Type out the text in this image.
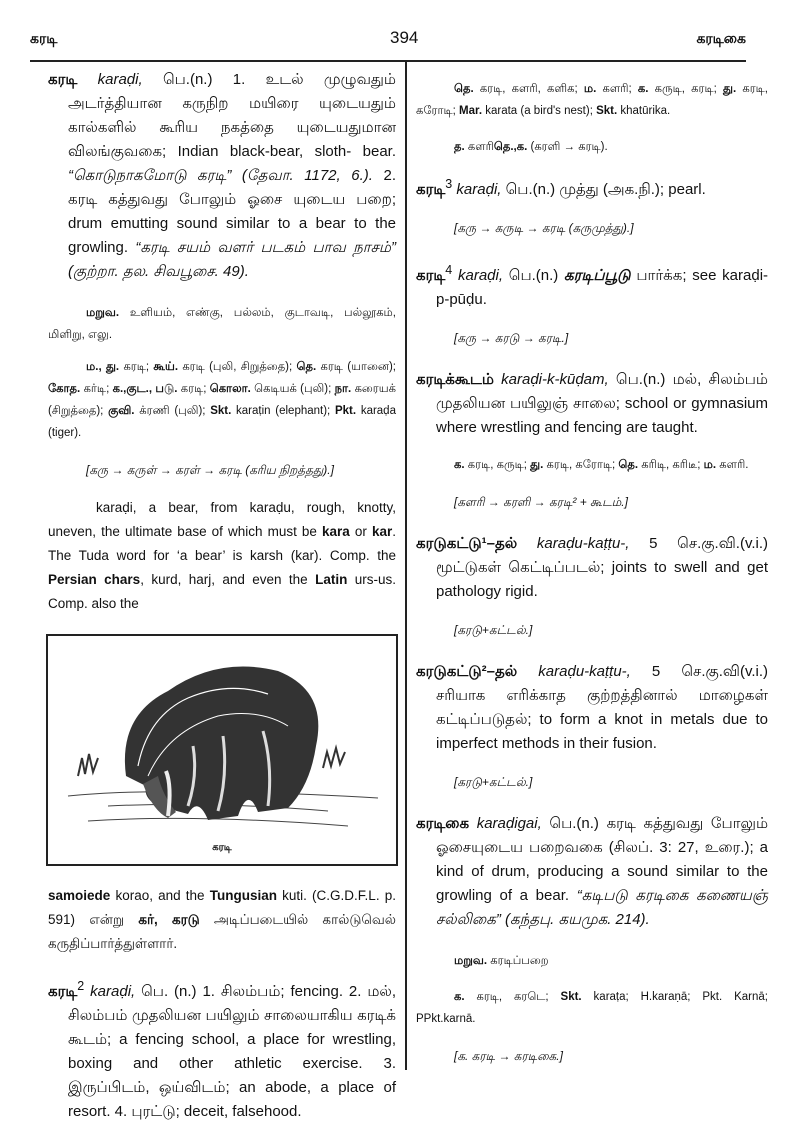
கரடி	394	கரடிகை

கரடி karaḍi, பெ.(n.) 1. உடல் முழுவதும் அடர்த்தியான கருநிற மயிரை யுடையதும் கால்களில் கூரிய நகத்தை யுடையதுமான விலங்குவகை; Indian black-bear, sloth- bear. “கொடுநாகமோடு கரடி” (தேவா. 1172, 6.). 2. கரடி கத்துவது போலும் ஓசை யுடைய பறை; drum emutting sound similar to a bear to the growling. “கரடி சயம் வளர் படகம் பாவ நாசம்” (குற்றா. தல. சிவபூசை. 49).

மறுவ. உளியம், எண்கு, பல்லம், குடாவடி, பல்லூகம், மிளிறு, எலு.

ம., து. கரடி; கூய். கரடி (புலி, சிறுத்தை); தெ. கரடி (யானை); கோத. கர்டி; க.,குட., படு. கரடி; கொலா. கெடியக் (புலி); நா. கரையக் (சிறுத்தை); குவி. க்ரணி (புலி); Skt. karaṭin (elephant); Pkt. karaḍa (tiger).

[கரு → கருள் → கரள் → கரடி (கரிய நிறத்தது).]

karaḍi, a bear, from karaḍu, rough, knotty, uneven, the ultimate base of which must be kara or kar. The Tuda word for ‘a bear’ is karsh (kar). Comp. the Persian chars, kurd, harj, and even the Latin urs-us. Comp. also the

கரடி

samoiede korao, and the Tungusian kuti. (C.G.D.F.L. p. 591) என்று கர், கரடு அடிப்படையில் கால்டுவெல் கருதிப்பார்த்துள்ளார்.

கரடி$^2$ karaḍi, பெ. (n.) 1. சிலம்பம்; fencing. 2. மல், சிலம்பம் முதலியன பயிலும் சாலையாகிய கரடிக் கூடம்; a fencing school, a place for wrestling, boxing and other athletic exercise. 3. இருப்பிடம், ஒய்விடம்; an abode, a place of resort. 4. புரட்டு; deceit, falsehood.

தெ. கரடி, களரி, களிக; ம. களரி; க. கருடி, கரடி; து. கரடி, கரோடி; Mar. karata (a bird's nest); Skt. khatūrika.

த. களரிதெ.,க. (கரளி → கரடி).

கரடி$^3$ karaḍi, பெ.(n.) முத்து (அக.நி.); pearl.

[கரு → கருடி → கரடி (கருமுத்து).]

கரடி$^4$ karaḍi, பெ.(n.) கரடிப்பூடு பார்க்க; see karaḍi-p-pūḍu.

[கரு → கரடு → கரடி.]

கரடிக்கூடம் karaḍi-k-kūḍam, பெ.(n.) மல், சிலம்பம் முதலியன பயிலுஞ் சாலை; school or gymnasium where wrestling and fencing are taught.

க. கரடி, கருடி; து. கரடி, கரோடி; தெ. கரிடி, கரிடீ; ம. களரி.

[களரி → கரளி → கரடி² + கூடம்.]

கரடுகட்டு¹–தல் karaḍu-kaṭṭu-, 5 செ.கு.வி.(v.i.) மூட்டுகள் கெட்டிப்படல்; joints to swell and get pathology rigid.

[கரடு+கட்டல்.]

கரடுகட்டு²–தல் karaḍu-kaṭṭu-, 5 செ.கு.வி(v.i.) சரியாக எரிக்காத குற்றத்தினால் மாழைகள் கட்டிப்படுதல்; to form a knot in metals due to imperfect methods in their fusion.

[கரடு+கட்டல்.]

கரடிகை karaḍigai, பெ.(n.) கரடி கத்துவது போலும் ஓசையுடைய பறைவகை (சிலப். 3: 27, உரை.); a kind of drum, producing a sound similar to the growling of a bear. “கடிபடு கரடிகை கணையஞ் சல்லிகை” (கந்தபு. கயமுக. 214).

மறுவ. கரடிப்பறை

க. கரடி, கரடெ; Skt. karaṭa; H.karaṇā; Pkt. Karnā; PPkt.karnā.

[க. கரடி → கரடிகை.]
